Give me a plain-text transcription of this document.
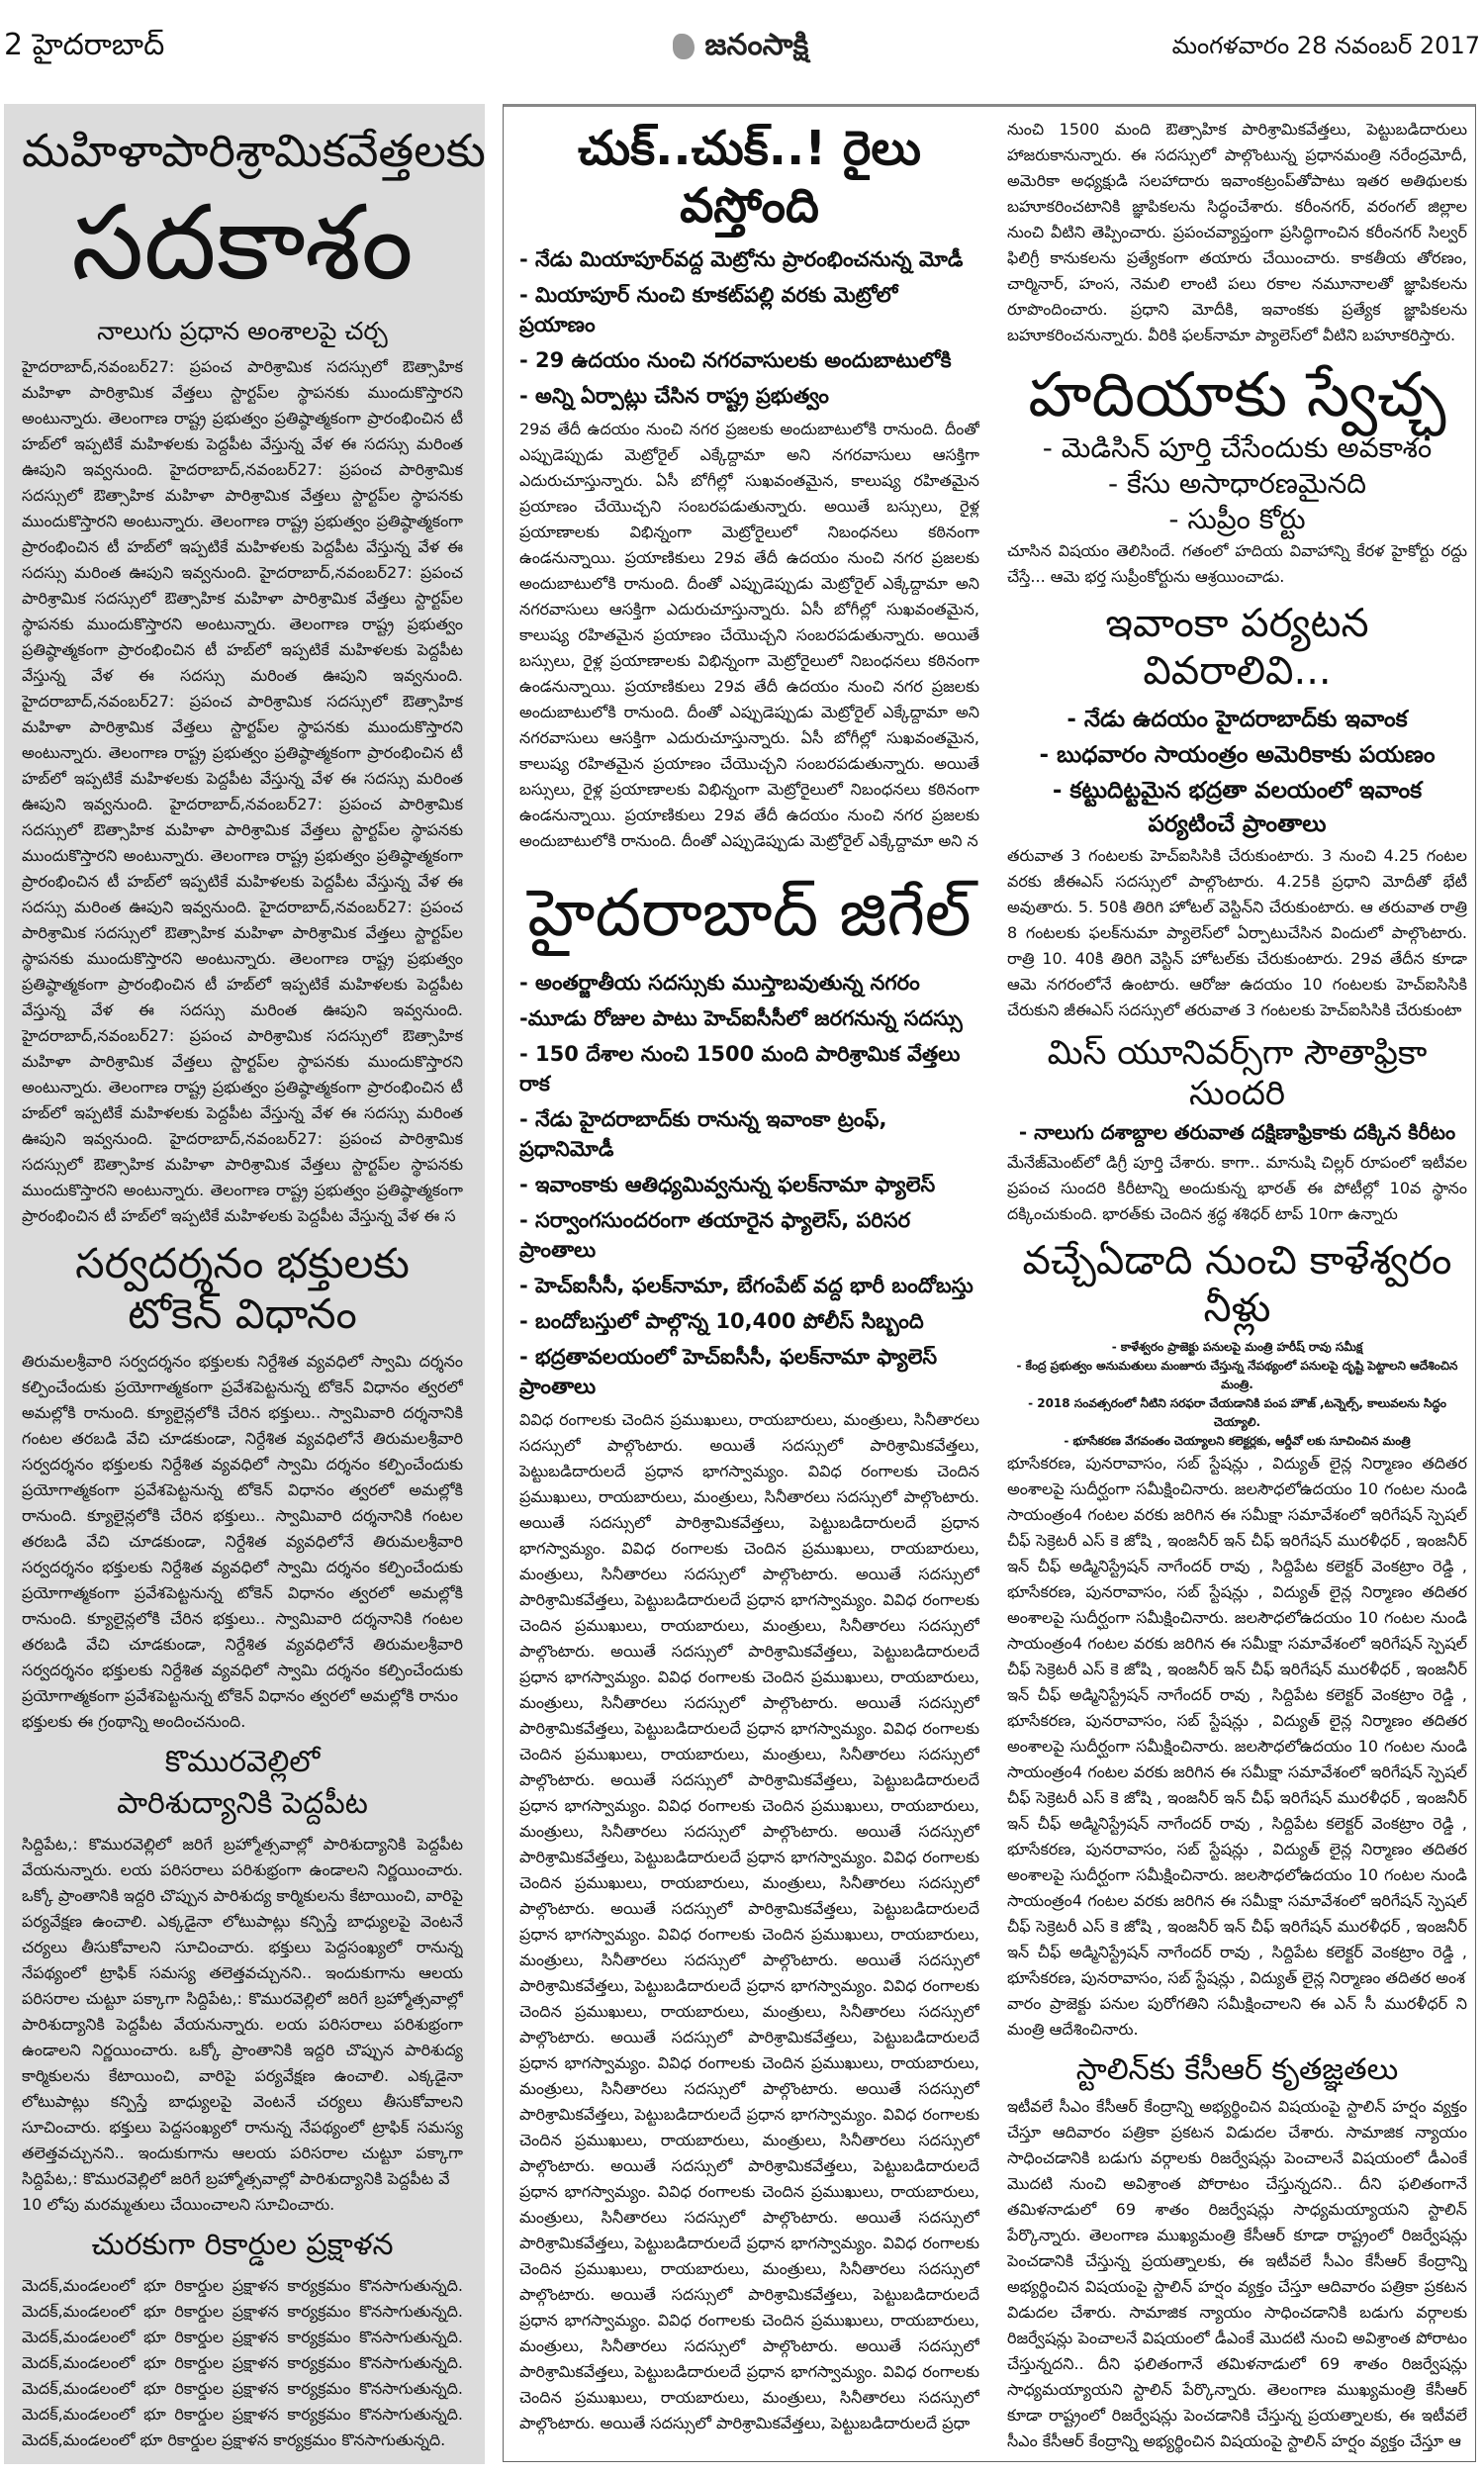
2 హైదరాబాద్	జనంసాక్షి	మంగళవారం 28 నవంబర్ 2017
మహిళాపారిశ్రామికవేత్తలకు
సదకాశం
నాలుగు ప్రధాన అంశాలపై చర్చ
హైదరాబాద్,నవంబర్27: ప్రపంచ పారిశ్రామిక సదస్సులో ఔత్సాహిక మహిళా పారిశ్రామిక వేత్తలు స్టార్టప్‌ల స్థాపనకు ముందుకొస్తారని అంటున్నారు. తెలంగాణ రాష్ట్ర ప్రభుత్వం ప్రతిష్ఠాత్మకంగా ప్రారంభించిన టీ హబ్‌లో ఇప్పటికే మహిళలకు పెద్దపీట వేస్తున్న వేళ ఈ సదస్సు మరింత ఊపుని ఇవ్వనుంది. హైదరాబాద్,నవంబర్27: ప్రపంచ పారిశ్రామిక సదస్సులో ఔత్సాహిక మహిళా పారిశ్రామిక వేత్తలు స్టార్టప్‌ల స్థాపనకు ముందుకొస్తారని అంటున్నారు. తెలంగాణ రాష్ట్ర ప్రభుత్వం ప్రతిష్ఠాత్మకంగా ప్రారంభించిన టీ హబ్‌లో ఇప్పటికే మహిళలకు పెద్దపీట వేస్తున్న వేళ ఈ సదస్సు మరింత ఊపుని ఇవ్వనుంది. హైదరాబాద్,నవంబర్27: ప్రపంచ పారిశ్రామిక సదస్సులో ఔత్సాహిక మహిళా పారిశ్రామిక వేత్తలు స్టార్టప్‌ల స్థాపనకు ముందుకొస్తారని అంటున్నారు. తెలంగాణ రాష్ట్ర ప్రభుత్వం ప్రతిష్ఠాత్మకంగా ప్రారంభించిన టీ హబ్‌లో ఇప్పటికే మహిళలకు పెద్దపీట వేస్తున్న వేళ ఈ సదస్సు మరింత ఊపుని ఇవ్వనుంది. హైదరాబాద్,నవంబర్27: ప్రపంచ పారిశ్రామిక సదస్సులో ఔత్సాహిక మహిళా పారిశ్రామిక వేత్తలు స్టార్టప్‌ల స్థాపనకు ముందుకొస్తారని అంటున్నారు. తెలంగాణ రాష్ట్ర ప్రభుత్వం ప్రతిష్ఠాత్మకంగా ప్రారంభించిన టీ హబ్‌లో ఇప్పటికే మహిళలకు పెద్దపీట వేస్తున్న వేళ ఈ సదస్సు మరింత ఊపుని ఇవ్వనుంది. హైదరాబాద్,నవంబర్27: ప్రపంచ పారిశ్రామిక సదస్సులో ఔత్సాహిక మహిళా పారిశ్రామిక వేత్తలు స్టార్టప్‌ల స్థాపనకు ముందుకొస్తారని అంటున్నారు. తెలంగాణ రాష్ట్ర ప్రభుత్వం ప్రతిష్ఠాత్మకంగా ప్రారంభించిన టీ హబ్‌లో ఇప్పటికే మహిళలకు పెద్దపీట వేస్తున్న వేళ ఈ సదస్సు మరింత ఊపుని ఇవ్వనుంది. హైదరాబాద్,నవంబర్27: ప్రపంచ పారిశ్రామిక సదస్సులో ఔత్సాహిక మహిళా పారిశ్రామిక వేత్తలు స్టార్టప్‌ల స్థాపనకు ముందుకొస్తారని అంటున్నారు. తెలంగాణ రాష్ట్ర ప్రభుత్వం ప్రతిష్ఠాత్మకంగా ప్రారంభించిన టీ హబ్‌లో ఇప్పటికే మహిళలకు పెద్దపీట వేస్తున్న వేళ ఈ సదస్సు మరింత ఊపుని ఇవ్వనుంది. హైదరాబాద్,నవంబర్27: ప్రపంచ పారిశ్రామిక సదస్సులో ఔత్సాహిక మహిళా పారిశ్రామిక వేత్తలు స్టార్టప్‌ల స్థాపనకు ముందుకొస్తారని అంటున్నారు. తెలంగాణ రాష్ట్ర ప్రభుత్వం ప్రతిష్ఠాత్మకంగా ప్రారంభించిన టీ హబ్‌లో ఇప్పటికే మహిళలకు పెద్దపీట వేస్తున్న వేళ ఈ సదస్సు మరింత ఊపుని ఇవ్వనుంది. హైదరాబాద్,నవంబర్27: ప్రపంచ పారిశ్రామిక సదస్సులో ఔత్సాహిక మహిళా పారిశ్రామిక వేత్తలు స్టార్టప్‌ల స్థాపనకు ముందుకొస్తారని అంటున్నారు. తెలంగాణ రాష్ట్ర ప్రభుత్వం ప్రతిష్ఠాత్మకంగా ప్రారంభించిన టీ హబ్‌లో ఇప్పటికే మహిళలకు పెద్దపీట వేస్తున్న వేళ ఈ స
సర్వదర్శనం భక్తులకు
టోకెన్ విధానం
తిరుమలశ్రీవారి సర్వదర్శనం భక్తులకు నిర్దేశిత వ్యవధిలో స్వామి దర్శనం కల్పించేందుకు ప్రయోగాత్మకంగా ప్రవేశపెట్టనున్న టోకెన్ విధానం త్వరలో అమల్లోకి రానుంది. క్యూలైన్లలోకి చేరిన భక్తులు.. స్వామివారి దర్శనానికి గంటల తరబడి వేచి చూడకుండా, నిర్దేశిత వ్యవధిలోనే తిరుమలశ్రీవారి సర్వదర్శనం భక్తులకు నిర్దేశిత వ్యవధిలో స్వామి దర్శనం కల్పించేందుకు ప్రయోగాత్మకంగా ప్రవేశపెట్టనున్న టోకెన్ విధానం త్వరలో అమల్లోకి రానుంది. క్యూలైన్లలోకి చేరిన భక్తులు.. స్వామివారి దర్శనానికి గంటల తరబడి వేచి చూడకుండా, నిర్దేశిత వ్యవధిలోనే తిరుమలశ్రీవారి సర్వదర్శనం భక్తులకు నిర్దేశిత వ్యవధిలో స్వామి దర్శనం కల్పించేందుకు ప్రయోగాత్మకంగా ప్రవేశపెట్టనున్న టోకెన్ విధానం త్వరలో అమల్లోకి రానుంది. క్యూలైన్లలోకి చేరిన భక్తులు.. స్వామివారి దర్శనానికి గంటల తరబడి వేచి చూడకుండా, నిర్దేశిత వ్యవధిలోనే తిరుమలశ్రీవారి సర్వదర్శనం భక్తులకు నిర్దేశిత వ్యవధిలో స్వామి దర్శనం కల్పించేందుకు ప్రయోగాత్మకంగా ప్రవేశపెట్టనున్న టోకెన్ విధానం త్వరలో అమల్లోకి రానుం
భక్తులకు ఈ గ్రంథాన్ని అందించనుంది.
కొమురవెల్లిలో
పారిశుద్యానికి పెద్దపీట
సిద్దిపేట,: కొమురవెల్లిలో జరిగే బ్రహ్మోత్సవాల్లో పారిశుద్యానికి పెద్దపీట వేయనున్నారు. లయ పరిసరాలు పరిశుభ్రంగా ఉండాలని నిర్ణయించారు. ఒక్కో ప్రాంతానికి ఇద్దరి చొప్పున పారిశుద్య కార్మికులను కేటాయించి, వారిపై పర్యవేక్షణ ఉంచాలి. ఎక్కడైనా లోటుపాట్లు కన్పిస్తే బాధ్యులపై వెంటనే చర్యలు తీసుకోవాలని సూచించారు. భక్తులు పెద్దసంఖ్యలో రానున్న నేపథ్యంలో ట్రాఫిక్ సమస్య తలెత్తవచ్చునని.. ఇందుకుగాను ఆలయ పరిసరాల చుట్టూ పక్కాగా సిద్దిపేట,: కొమురవెల్లిలో జరిగే బ్రహ్మోత్సవాల్లో పారిశుద్యానికి పెద్దపీట వేయనున్నారు. లయ పరిసరాలు పరిశుభ్రంగా ఉండాలని నిర్ణయించారు. ఒక్కో ప్రాంతానికి ఇద్దరి చొప్పున పారిశుద్య కార్మికులను కేటాయించి, వారిపై పర్యవేక్షణ ఉంచాలి. ఎక్కడైనా లోటుపాట్లు కన్పిస్తే బాధ్యులపై వెంటనే చర్యలు తీసుకోవాలని సూచించారు. భక్తులు పెద్దసంఖ్యలో రానున్న నేపథ్యంలో ట్రాఫిక్ సమస్య తలెత్తవచ్చునని.. ఇందుకుగాను ఆలయ పరిసరాల చుట్టూ పక్కాగా సిద్దిపేట,: కొమురవెల్లిలో జరిగే బ్రహ్మోత్సవాల్లో పారిశుద్యానికి పెద్దపీట వే
10 లోపు మరమ్మతులు చేయించాలని సూచించారు.
చురకుగా రికార్డుల ప్రక్షాళన
మెదక్,మండలంలో భూ రికార్డుల ప్రక్షాళన కార్యక్రమం కొనసాగుతున్నది. మెదక్,మండలంలో భూ రికార్డుల ప్రక్షాళన కార్యక్రమం కొనసాగుతున్నది. మెదక్,మండలంలో భూ రికార్డుల ప్రక్షాళన కార్యక్రమం కొనసాగుతున్నది. మెదక్,మండలంలో భూ రికార్డుల ప్రక్షాళన కార్యక్రమం కొనసాగుతున్నది. మెదక్,మండలంలో భూ రికార్డుల ప్రక్షాళన కార్యక్రమం కొనసాగుతున్నది. మెదక్,మండలంలో భూ రికార్డుల ప్రక్షాళన కార్యక్రమం కొనసాగుతున్నది. మెదక్,మండలంలో భూ రికార్డుల ప్రక్షాళన కార్యక్రమం కొనసాగుతున్నది.
చుక్..చుక్..! రైలు వస్తోంది
- నేడు మియాపూర్‌వద్ద మెట్రోను ప్రారంభించనున్న మోడీ
- మియాపూర్ నుంచి కూకట్‌పల్లి వరకు మెట్రోలో ప్రయాణం
- 29 ఉదయం నుంచి నగరవాసులకు అందుబాటులోకి
- అన్ని ఏర్పాట్లు చేసిన రాష్ట్ర ప్రభుత్వం
29వ తేదీ ఉదయం నుంచి నగర ప్రజలకు అందుబాటులోకి రానుంది. దీంతో ఎప్పుడెప్పుడు మెట్రోరైల్ ఎక్కేద్దామా అని నగరవాసులు ఆసక్తిగా ఎదురుచూస్తున్నారు. ఏసీ బోగీల్లో సుఖవంతమైన, కాలుష్య రహితమైన ప్రయాణం చేయొచ్చని సంబరపడుతున్నారు. అయితే బస్సులు, రైళ్ల ప్రయాణాలకు విభిన్నంగా మెట్రోరైలులో నిబంధనలు కఠినంగా ఉండనున్నాయి. ప్రయాణికులు 29వ తేదీ ఉదయం నుంచి నగర ప్రజలకు అందుబాటులోకి రానుంది. దీంతో ఎప్పుడెప్పుడు మెట్రోరైల్ ఎక్కేద్దామా అని నగరవాసులు ఆసక్తిగా ఎదురుచూస్తున్నారు. ఏసీ బోగీల్లో సుఖవంతమైన, కాలుష్య రహితమైన ప్రయాణం చేయొచ్చని సంబరపడుతున్నారు. అయితే బస్సులు, రైళ్ల ప్రయాణాలకు విభిన్నంగా మెట్రోరైలులో నిబంధనలు కఠినంగా ఉండనున్నాయి. ప్రయాణికులు 29వ తేదీ ఉదయం నుంచి నగర ప్రజలకు అందుబాటులోకి రానుంది. దీంతో ఎప్పుడెప్పుడు మెట్రోరైల్ ఎక్కేద్దామా అని నగరవాసులు ఆసక్తిగా ఎదురుచూస్తున్నారు. ఏసీ బోగీల్లో సుఖవంతమైన, కాలుష్య రహితమైన ప్రయాణం చేయొచ్చని సంబరపడుతున్నారు. అయితే బస్సులు, రైళ్ల ప్రయాణాలకు విభిన్నంగా మెట్రోరైలులో నిబంధనలు కఠినంగా ఉండనున్నాయి. ప్రయాణికులు 29వ తేదీ ఉదయం నుంచి నగర ప్రజలకు అందుబాటులోకి రానుంది. దీంతో ఎప్పుడెప్పుడు మెట్రోరైల్ ఎక్కేద్దామా అని న
హైదరాబాద్ జిగేల్
- అంతర్జాతీయ సదస్సుకు ముస్తాబవుతున్న నగరం
-మూడు రోజుల పాటు హెచ్ఐసీసీలో జరగనున్న సదస్సు
- 150 దేశాల నుంచి 1500 మంది పారిశ్రామిక వేత్తలు రాక
- నేడు హైదరాబాద్‌కు రానున్న ఇవాంకా ట్రంఫ్, ప్రధానిమోడీ
- ఇవాంకాకు ఆతిధ్యమివ్వనున్న ఫలక్‌నామా ఫ్యాలెస్
- సర్వాంగసుందరంగా తయారైన ఫ్యాలెస్, పరిసర ప్రాంతాలు
- హెచ్ఐసీసీ, ఫలక్‌నామా, బేగంపేట్ వద్ద భారీ బందోబస్తు
- బందోబస్తులో పాల్గొన్న 10,400 పోలీస్ సిబ్బంది
- భద్రతావలయంలో హెచ్ఐసీసీ, ఫలక్‌నామా ఫ్యాలెస్ ప్రాంతాలు
వివిధ రంగాలకు చెందిన ప్రముఖులు, రాయబారులు, మంత్రులు, సినీతారలు సదస్సులో పాల్గొంటారు. అయితే సదస్సులో పారిశ్రామికవేత్తలు, పెట్టుబడిదారులదే ప్రధాన భాగస్వామ్యం. వివిధ రంగాలకు చెందిన ప్రముఖులు, రాయబారులు, మంత్రులు, సినీతారలు సదస్సులో పాల్గొంటారు. అయితే సదస్సులో పారిశ్రామికవేత్తలు, పెట్టుబడిదారులదే ప్రధాన భాగస్వామ్యం. వివిధ రంగాలకు చెందిన ప్రముఖులు, రాయబారులు, మంత్రులు, సినీతారలు సదస్సులో పాల్గొంటారు. అయితే సదస్సులో పారిశ్రామికవేత్తలు, పెట్టుబడిదారులదే ప్రధాన భాగస్వామ్యం. వివిధ రంగాలకు చెందిన ప్రముఖులు, రాయబారులు, మంత్రులు, సినీతారలు సదస్సులో పాల్గొంటారు. అయితే సదస్సులో పారిశ్రామికవేత్తలు, పెట్టుబడిదారులదే ప్రధాన భాగస్వామ్యం. వివిధ రంగాలకు చెందిన ప్రముఖులు, రాయబారులు, మంత్రులు, సినీతారలు సదస్సులో పాల్గొంటారు. అయితే సదస్సులో పారిశ్రామికవేత్తలు, పెట్టుబడిదారులదే ప్రధాన భాగస్వామ్యం. వివిధ రంగాలకు చెందిన ప్రముఖులు, రాయబారులు, మంత్రులు, సినీతారలు సదస్సులో పాల్గొంటారు. అయితే సదస్సులో పారిశ్రామికవేత్తలు, పెట్టుబడిదారులదే ప్రధాన భాగస్వామ్యం. వివిధ రంగాలకు చెందిన ప్రముఖులు, రాయబారులు, మంత్రులు, సినీతారలు సదస్సులో పాల్గొంటారు. అయితే సదస్సులో పారిశ్రామికవేత్తలు, పెట్టుబడిదారులదే ప్రధాన భాగస్వామ్యం. వివిధ రంగాలకు చెందిన ప్రముఖులు, రాయబారులు, మంత్రులు, సినీతారలు సదస్సులో పాల్గొంటారు. అయితే సదస్సులో పారిశ్రామికవేత్తలు, పెట్టుబడిదారులదే ప్రధాన భాగస్వామ్యం. వివిధ రంగాలకు చెందిన ప్రముఖులు, రాయబారులు, మంత్రులు, సినీతారలు సదస్సులో పాల్గొంటారు. అయితే సదస్సులో పారిశ్రామికవేత్తలు, పెట్టుబడిదారులదే ప్రధాన భాగస్వామ్యం. వివిధ రంగాలకు చెందిన ప్రముఖులు, రాయబారులు, మంత్రులు, సినీతారలు సదస్సులో పాల్గొంటారు. అయితే సదస్సులో పారిశ్రామికవేత్తలు, పెట్టుబడిదారులదే ప్రధాన భాగస్వామ్యం. వివిధ రంగాలకు చెందిన ప్రముఖులు, రాయబారులు, మంత్రులు, సినీతారలు సదస్సులో పాల్గొంటారు. అయితే సదస్సులో పారిశ్రామికవేత్తలు, పెట్టుబడిదారులదే ప్రధాన భాగస్వామ్యం. వివిధ రంగాలకు చెందిన ప్రముఖులు, రాయబారులు, మంత్రులు, సినీతారలు సదస్సులో పాల్గొంటారు. అయితే సదస్సులో పారిశ్రామికవేత్తలు, పెట్టుబడిదారులదే ప్రధాన భాగస్వామ్యం. వివిధ రంగాలకు చెందిన ప్రముఖులు, రాయబారులు, మంత్రులు, సినీతారలు సదస్సులో పాల్గొంటారు. అయితే సదస్సులో పారిశ్రామికవేత్తలు, పెట్టుబడిదారులదే ప్రధాన భాగస్వామ్యం. వివిధ రంగాలకు చెందిన ప్రముఖులు, రాయబారులు, మంత్రులు, సినీతారలు సదస్సులో పాల్గొంటారు. అయితే సదస్సులో పారిశ్రామికవేత్తలు, పెట్టుబడిదారులదే ప్రధాన భాగస్వామ్యం. వివిధ రంగాలకు చెందిన ప్రముఖులు, రాయబారులు, మంత్రులు, సినీతారలు సదస్సులో పాల్గొంటారు. అయితే సదస్సులో పారిశ్రామికవేత్తలు, పెట్టుబడిదారులదే ప్రధాన భాగస్వామ్యం. వివిధ రంగాలకు చెందిన ప్రముఖులు, రాయబారులు, మంత్రులు, సినీతారలు సదస్సులో పాల్గొంటారు. అయితే సదస్సులో పారిశ్రామికవేత్తలు, పెట్టుబడిదారులదే ప్రధా
నుంచి 1500 మంది ఔత్సాహిక పారిశ్రామికవేత్తలు, పెట్టుబడిదారులు హాజరుకానున్నారు. ఈ సదస్సులో పాల్గొంటున్న ప్రధానమంత్రి నరేంద్రమోదీ, అమెరికా అధ్యక్షుడి సలహాదారు ఇవాంకట్రంప్‌తోపాటు ఇతర అతిథులకు బహూకరించటానికి జ్ఞాపికలను సిద్ధంచేశారు. కరీంనగర్, వరంగల్ జిల్లాల నుంచి వీటిని తెప్పించారు. ప్రపంచవ్యాప్తంగా ప్రసిద్ధిగాంచిన కరీంనగర్ సిల్వర్ ఫిలిగ్రీ కానుకలను ప్రత్యేకంగా తయారు చేయించారు. కాకతీయ తోరణం, చార్మినార్, హంస, నెమలి లాంటి పలు రకాల నమూనాలతో జ్ఞాపికలను రూపొందించారు. ప్రధాని మోదీకి, ఇవాంకకు ప్రత్యేక జ్ఞాపికలను బహూకరించనున్నారు. వీరికి ఫలక్‌నామా ప్యాలెస్‌లో వీటిని బహూకరిస్తారు.
హదియాకు స్వేచ్ఛ
- మెడిసిన్ పూర్తి చేసేందుకు అవకాశం
- కేసు అసాధారణమైనది
- సుప్రీం కోర్టు
చూసిన విషయం తెలిసిందే. గతంలో హదియ వివాహాన్ని కేరళ హైకోర్టు రద్దు చేస్తే... ఆమె భర్త సుప్రీంకోర్టును ఆశ్రయించాడు.
ఇవాంకా పర్యటన వివరాలివి...
- నేడు ఉదయం హైదరాబాద్‌కు ఇవాంక
- బుధవారం సాయంత్రం అమెరికాకు పయణం
- కట్టుదిట్టమైన భద్రతా వలయంలో ఇవాంక పర్యటించే ప్రాంతాలు
తరువాత 3 గంటలకు హెచ్ఐసిసికి చేరుకుంటారు. 3 నుంచి 4.25 గంటల వరకు జీఈఎస్ సదస్సులో పాల్గొంటారు. 4.25కి ప్రధాని మోదీతో భేటీ అవుతారు. 5. 50కి తిరిగి హోటల్ వెస్టిన్‌ని చేరుకుంటారు. ఆ తరువాత రాత్రి 8 గంటలకు ఫలక్‌నుమా ప్యాలెస్‌లో ఏర్పాటుచేసిన విందులో పాల్గొంటారు. రాత్రి 10. 40కి తిరిగి వెస్టిన్ హోటల్‌కు చేరుకుంటారు. 29వ తేదీన కూడా ఆమె నగరంలోనే ఉంటారు. ఆరోజు ఉదయం 10 గంటలకు హెచ్ఐసిసికి చేరుకుని జీఈఎస్ సదస్సులో తరువాత 3 గంటలకు హెచ్ఐసిసికి చేరుకుంటా
మిస్ యూనివర్స్‌గా సౌతాఫ్రికా సుందరి
- నాలుగు దశాబ్దాల తరువాత దక్షిణాఫ్రికాకు దక్కిన కిరీటం
మేనేజ్‌మెంట్‌లో డిగ్రీ పూర్తి చేశారు. కాగా.. మానుషి చిల్లర్ రూపంలో ఇటీవల ప్రపంచ సుందరి కిరీటాన్ని అందుకున్న భారత్ ఈ పోటీల్లో 10వ స్థానం దక్కించుకుంది. భారత్‌కు చెందిన శ్రద్ధ శశిధర్ టాప్ 10గా ఉన్నారు
వచ్చేఏడాది నుంచి కాళేశ్వరం నీళ్లు
- కాళేశ్వరం ప్రాజెక్టు పనులపై మంత్రి హరీష్ రావు సమీక్ష
- కేంద్ర ప్రభుత్వం అనుమతులు మంజూరు చేస్తున్న నేపథ్యంలో పనులపై దృష్టి పెట్టాలని ఆదేశించిన మంత్రి.
- 2018 సంవత్సరంలో నీటిని సరఫరా చేయడానికి పంప హౌజ్ ,టన్నెల్స్, కాలువలను సిద్ధం చెయ్యాలి.
- భూసేకరణ వేగవంతం చెయ్యాలని కలెక్టర్లకు, ఆర్డీవో లకు సూచించిన మంత్రి
భూసేకరణ, పునరావాసం, సబ్ స్టేషన్లు , విద్యుత్ లైన్ల నిర్మాణం తదితర అంశాలపై సుదీర్ఘంగా సమీక్షించినారు. జలసౌధలోఉదయం 10 గంటల నుండి సాయంత్రం4 గంటల వరకు జరిగిన ఈ సమీక్షా సమావేశంలో ఇరిగేషన్ స్పెషల్ చీఫ్ సెక్రెటరీ ఎస్ కె జోషి , ఇంజనీర్ ఇన్ చీఫ్ ఇరిగేషన్ మురళీధర్ , ఇంజనీర్ ఇన్ చీఫ్ అడ్మినిస్ట్రేషన్ నాగేందర్ రావు , సిద్దిపేట కలెక్టర్ వెంకట్రాం రెడ్డి , భూసేకరణ, పునరావాసం, సబ్ స్టేషన్లు , విద్యుత్ లైన్ల నిర్మాణం తదితర అంశాలపై సుదీర్ఘంగా సమీక్షించినారు. జలసౌధలోఉదయం 10 గంటల నుండి సాయంత్రం4 గంటల వరకు జరిగిన ఈ సమీక్షా సమావేశంలో ఇరిగేషన్ స్పెషల్ చీఫ్ సెక్రెటరీ ఎస్ కె జోషి , ఇంజనీర్ ఇన్ చీఫ్ ఇరిగేషన్ మురళీధర్ , ఇంజనీర్ ఇన్ చీఫ్ అడ్మినిస్ట్రేషన్ నాగేందర్ రావు , సిద్దిపేట కలెక్టర్ వెంకట్రాం రెడ్డి , భూసేకరణ, పునరావాసం, సబ్ స్టేషన్లు , విద్యుత్ లైన్ల నిర్మాణం తదితర అంశాలపై సుదీర్ఘంగా సమీక్షించినారు. జలసౌధలోఉదయం 10 గంటల నుండి సాయంత్రం4 గంటల వరకు జరిగిన ఈ సమీక్షా సమావేశంలో ఇరిగేషన్ స్పెషల్ చీఫ్ సెక్రెటరీ ఎస్ కె జోషి , ఇంజనీర్ ఇన్ చీఫ్ ఇరిగేషన్ మురళీధర్ , ఇంజనీర్ ఇన్ చీఫ్ అడ్మినిస్ట్రేషన్ నాగేందర్ రావు , సిద్దిపేట కలెక్టర్ వెంకట్రాం రెడ్డి , భూసేకరణ, పునరావాసం, సబ్ స్టేషన్లు , విద్యుత్ లైన్ల నిర్మాణం తదితర అంశాలపై సుదీర్ఘంగా సమీక్షించినారు. జలసౌధలోఉదయం 10 గంటల నుండి సాయంత్రం4 గంటల వరకు జరిగిన ఈ సమీక్షా సమావేశంలో ఇరిగేషన్ స్పెషల్ చీఫ్ సెక్రెటరీ ఎస్ కె జోషి , ఇంజనీర్ ఇన్ చీఫ్ ఇరిగేషన్ మురళీధర్ , ఇంజనీర్ ఇన్ చీఫ్ అడ్మినిస్ట్రేషన్ నాగేందర్ రావు , సిద్దిపేట కలెక్టర్ వెంకట్రాం రెడ్డి , భూసేకరణ, పునరావాసం, సబ్ స్టేషన్లు , విద్యుత్ లైన్ల నిర్మాణం తదితర అంశ
వారం ప్రాజెక్టు పనుల పురోగతిని సమీక్షించాలని ఈ ఎన్ సీ మురళీధర్ ని మంత్రి ఆదేశించినారు.
స్టాలిన్‌కు కేసీఆర్ కృతజ్ఞతలు
ఇటీవలే సీఎం కేసీఆర్ కేంద్రాన్ని అభ్యర్థించిన విషయంపై స్టాలిన్ హర్షం వ్యక్తం చేస్తూ ఆదివారం పత్రికా ప్రకటన విడుదల చేశారు. సామాజిక న్యాయం సాధించడానికి బడుగు వర్గాలకు రిజర్వేషన్లు పెంచాలనే విషయంలో డీఎంకే మొదటి నుంచి అవిశ్రాంత పోరాటం చేస్తున్నదని.. దీని ఫలితంగానే తమిళనాడులో 69 శాతం రిజర్వేషన్లు సాధ్యమయ్యాయని స్టాలిన్ పేర్కొన్నారు. తెలంగాణ ముఖ్యమంత్రి కేసీఆర్ కూడా రాష్ట్రంలో రిజర్వేషన్లు పెంచడానికి చేస్తున్న ప్రయత్నాలకు, ఈ ఇటీవలే సీఎం కేసీఆర్ కేంద్రాన్ని అభ్యర్థించిన విషయంపై స్టాలిన్ హర్షం వ్యక్తం చేస్తూ ఆదివారం పత్రికా ప్రకటన విడుదల చేశారు. సామాజిక న్యాయం సాధించడానికి బడుగు వర్గాలకు రిజర్వేషన్లు పెంచాలనే విషయంలో డీఎంకే మొదటి నుంచి అవిశ్రాంత పోరాటం చేస్తున్నదని.. దీని ఫలితంగానే తమిళనాడులో 69 శాతం రిజర్వేషన్లు సాధ్యమయ్యాయని స్టాలిన్ పేర్కొన్నారు. తెలంగాణ ముఖ్యమంత్రి కేసీఆర్ కూడా రాష్ట్రంలో రిజర్వేషన్లు పెంచడానికి చేస్తున్న ప్రయత్నాలకు, ఈ ఇటీవలే సీఎం కేసీఆర్ కేంద్రాన్ని అభ్యర్థించిన విషయంపై స్టాలిన్ హర్షం వ్యక్తం చేస్తూ ఆ
